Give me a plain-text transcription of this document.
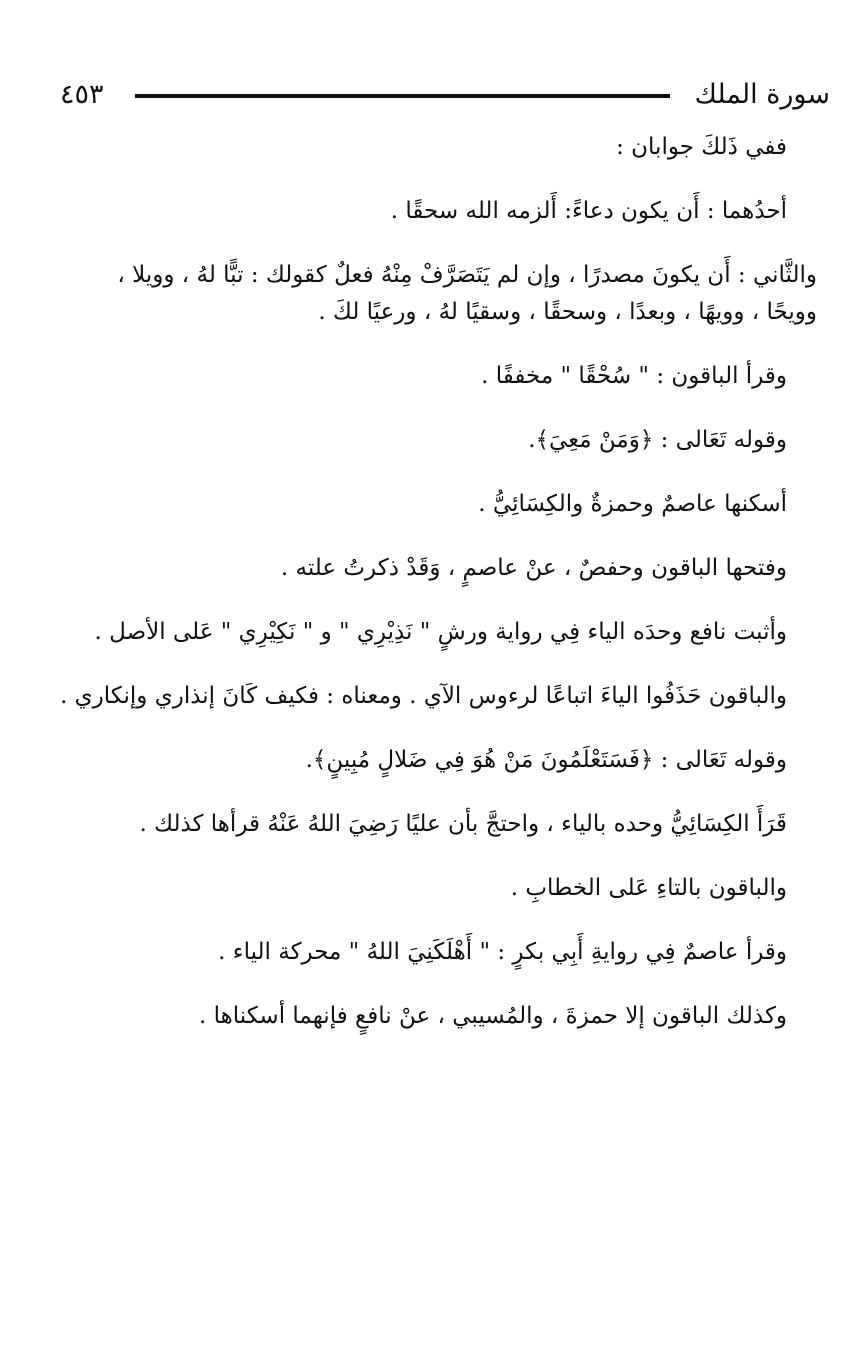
سورة الملك
٤٥٣
ففي ذَلكَ جوابان :
أحدُهما : أَن يكون دعاءً: أَلزمه الله سحقًا .
والثَّاني : أَن يكونَ مصدرًا ، وإن لم يَتَصَرَّفْ مِنْهُ فعلٌ كقولك : تبًّا لهُ ، وويلا ،
وويحًا ، وويهًا ، وبعدًا ، وسحقًا ، وسقيًا لهُ ، ورعيًا لكَ .
وقرأ الباقون : " سُحْقًا " مخففًا .
وقوله تَعَالى : ﴿وَمَنْ مَعِيَ﴾.
أسكنها عاصمٌ وحمزةٌ والكِسَائِيُّ .
وفتحها الباقون وحفصٌ ، عنْ عاصمٍ ، وَقَدْ ذكرتُ علته .
وأثبت نافع وحدَه الياء فِي رواية ورشٍ " نَذِيْرِي " و " نَكِيْرِي " عَلى الأصل .
والباقون حَذَفُوا الياءَ اتباعًا لرءوس الآي . ومعناه : فكيف كَانَ إنذاري وإنكاري .
وقوله تَعَالى : ﴿فَسَتَعْلَمُونَ مَنْ هُوَ فِي ضَلالٍ مُبِينٍ﴾.
قَرَأَ الكِسَائِيُّ وحده بالياء ، واحتجَّ بأن عليًا رَضِيَ اللهُ عَنْهُ قرأها كذلك .
والباقون بالتاءِ عَلى الخطابِ .
وقرأ عاصمٌ فِي روايةِ أَبِي بكرٍ : " أَهْلَكَنِيَ اللهُ " محركة الياء .
وكذلك الباقون إلا حمزةَ ، والمُسيبي ، عنْ نافعٍ فإنهما أسكناها .
